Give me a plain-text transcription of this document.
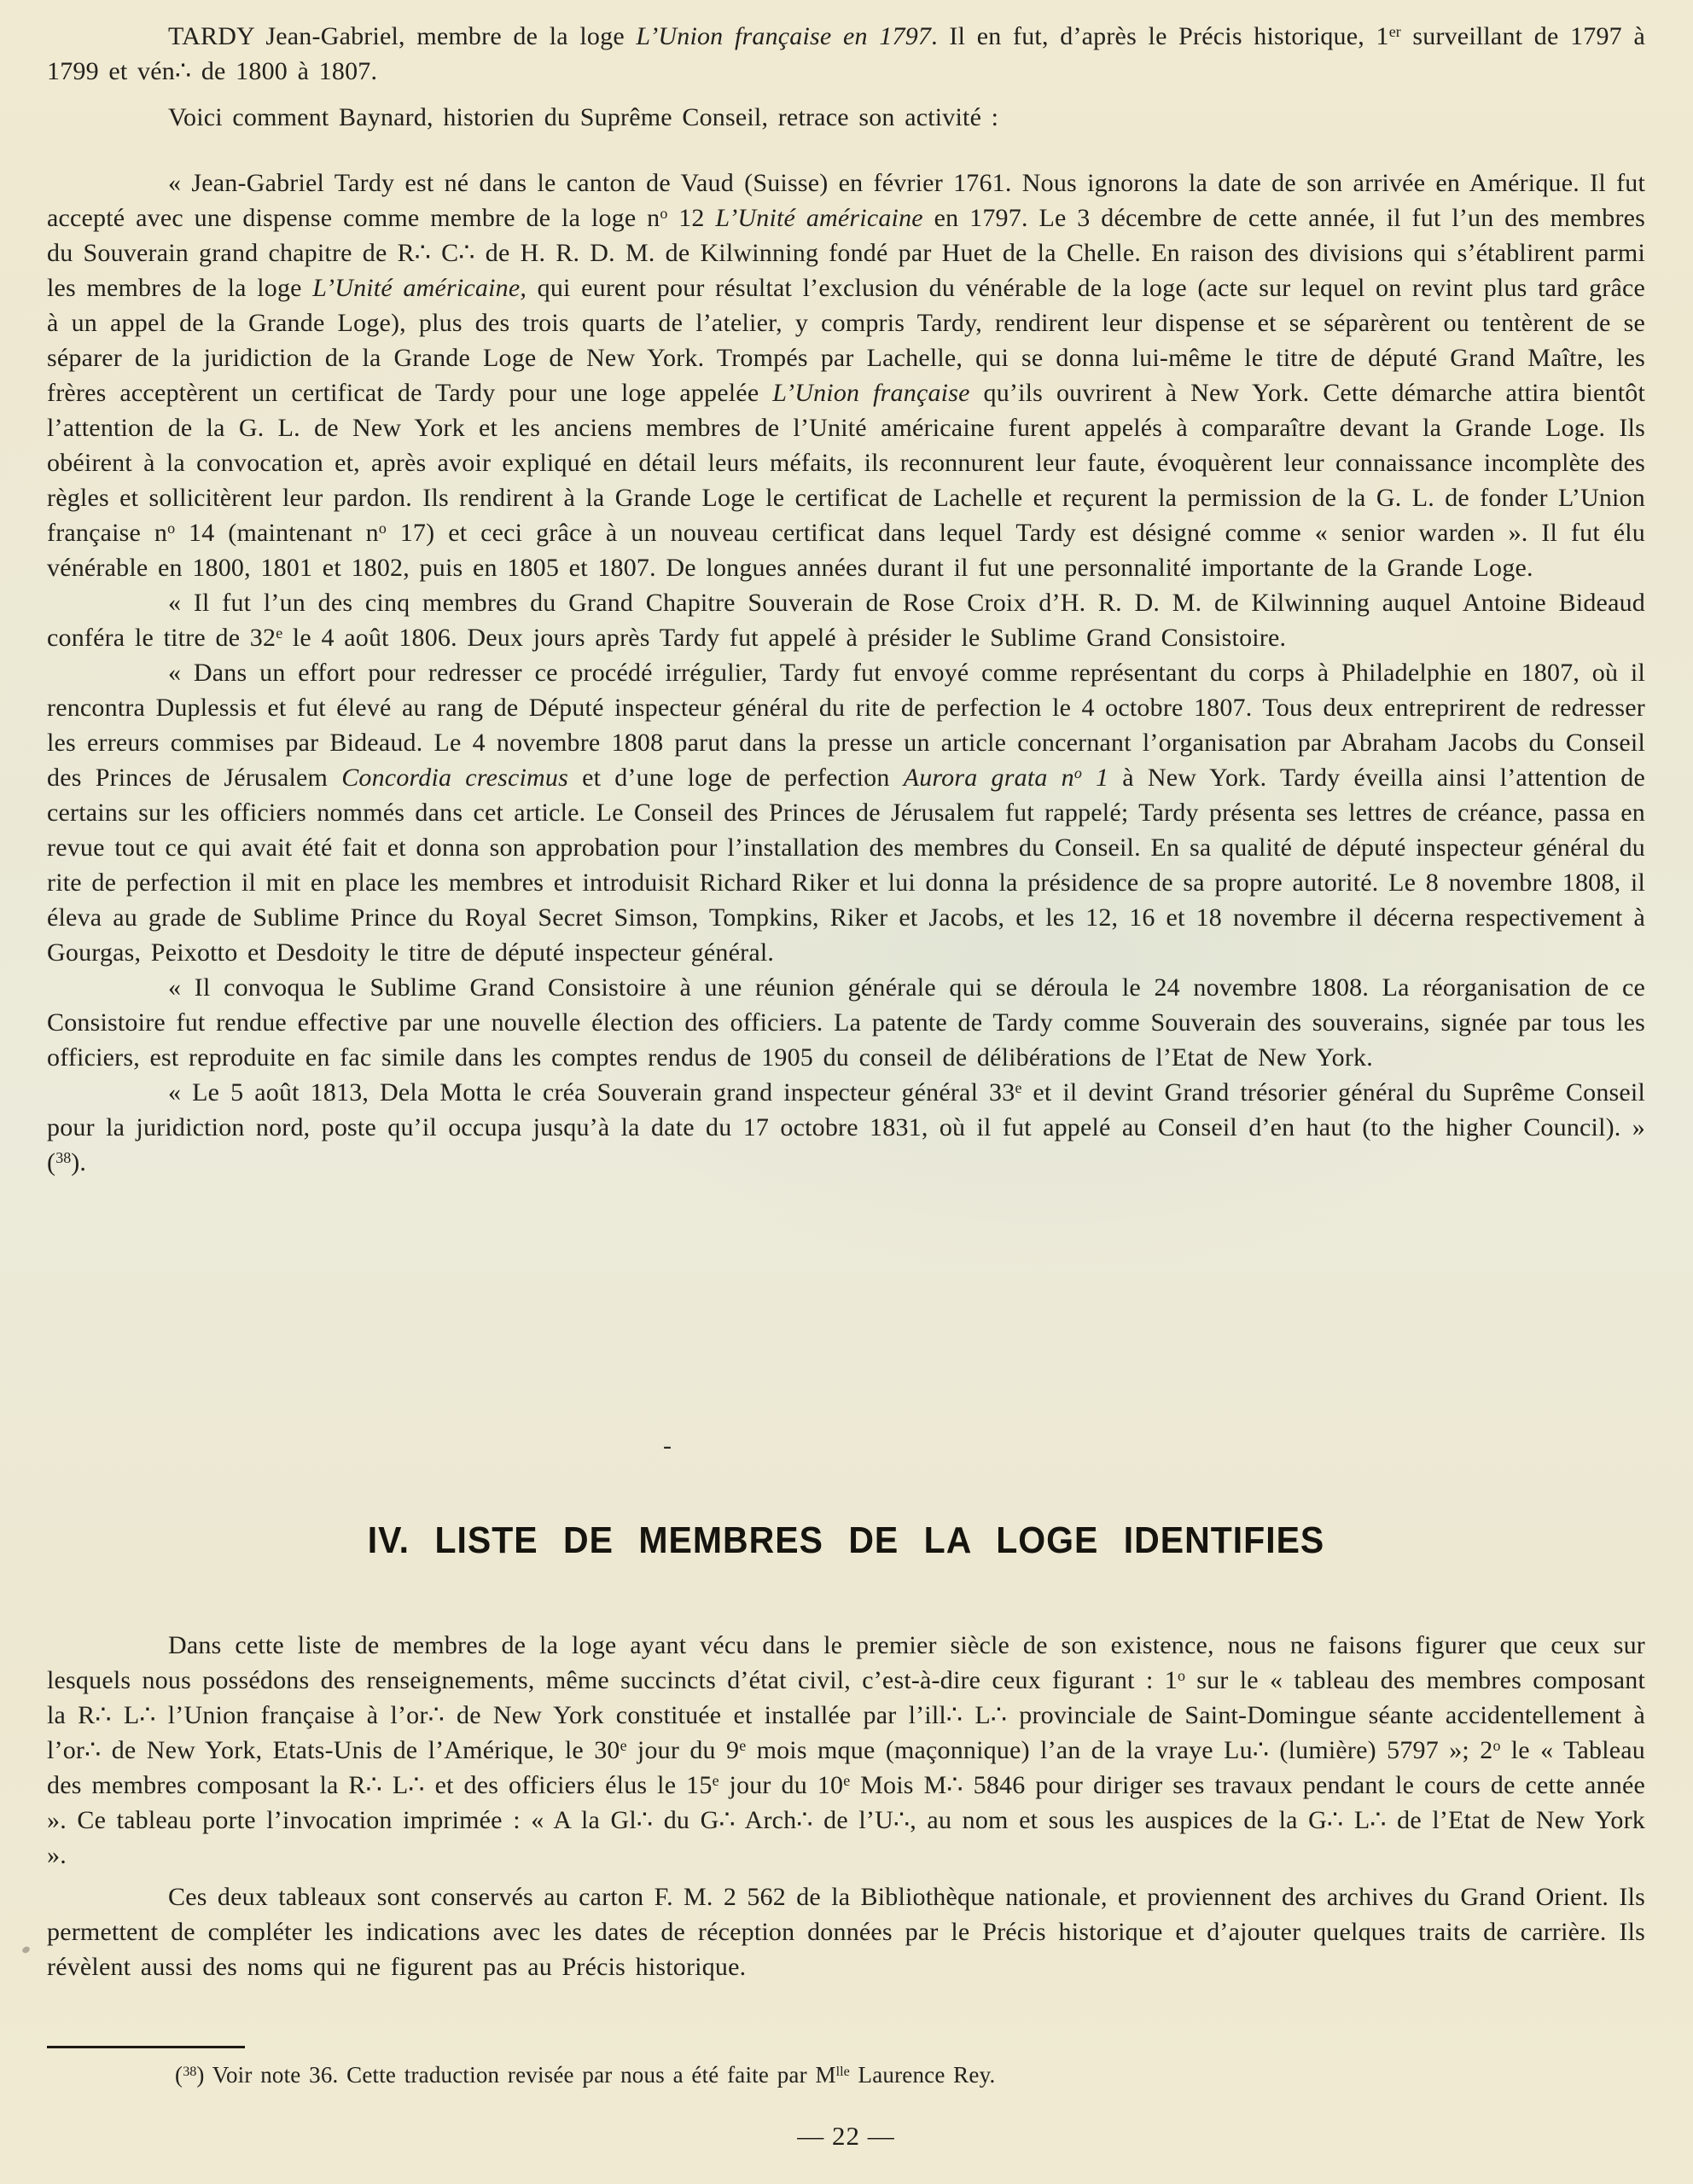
TARDY Jean-Gabriel, membre de la loge L’Union française en 1797. Il en fut, d’après le Précis historique, 1er surveillant de 1797 à 1799 et vén∴ de 1800 à 1807.

Voici comment Baynard, historien du Suprême Conseil, retrace son activité :

« Jean-Gabriel Tardy est né dans le canton de Vaud (Suisse) en février 1761. Nous ignorons la date de son arrivée en Amérique. Il fut accepté avec une dispense comme membre de la loge $n^o$ 12 L’Unité américaine en 1797. Le 3 décembre de cette année, il fut l’un des membres du Souverain grand chapitre de R∴ C∴ de H. R. D. M. de Kilwinning fondé par Huet de la Chelle. En raison des divisions qui s’établirent parmi les membres de la loge L’Unité américaine, qui eurent pour résultat l’exclusion du vénérable de la loge (acte sur lequel on revint plus tard grâce à un appel de la Grande Loge), plus des trois quarts de l’atelier, y compris Tardy, rendirent leur dispense et se séparèrent ou tentèrent de se séparer de la juridiction de la Grande Loge de New York. Trompés par Lachelle, qui se donna lui-même le titre de député Grand Maître, les frères acceptèrent un certificat de Tardy pour une loge appelée L’Union française qu’ils ouvrirent à New York. Cette démarche attira bientôt l’attention de la G. L. de New York et les anciens membres de l’Unité américaine furent appelés à comparaître devant la Grande Loge. Ils obéirent à la convocation et, après avoir expliqué en détail leurs méfaits, ils reconnurent leur faute, évoquèrent leur connaissance incomplète des règles et sollicitèrent leur pardon. Ils rendirent à la Grande Loge le certificat de Lachelle et reçurent la permission de la G. L. de fonder L’Union française $n^o$ 14 (maintenant $n^o$ 17) et ceci grâce à un nouveau certificat dans lequel Tardy est désigné comme « senior warden ». Il fut élu vénérable en 1800, 1801 et 1802, puis en 1805 et 1807. De longues années durant il fut une personnalité importante de la Grande Loge.

« Il fut l’un des cinq membres du Grand Chapitre Souverain de Rose Croix d’H. R. D. M. de Kilwinning auquel Antoine Bideaud conféra le titre de 32e le 4 août 1806. Deux jours après Tardy fut appelé à présider le Sublime Grand Consistoire.

« Dans un effort pour redresser ce procédé irrégulier, Tardy fut envoyé comme représentant du corps à Philadelphie en 1807, où il rencontra Duplessis et fut élevé au rang de Député inspecteur général du rite de perfection le 4 octobre 1807. Tous deux entreprirent de redresser les erreurs commises par Bideaud. Le 4 novembre 1808 parut dans la presse un article concernant l’organisation par Abraham Jacobs du Conseil des Princes de Jérusalem Concordia crescimus et d’une loge de perfection Aurora grata $n^o$ 1 à New York. Tardy éveilla ainsi l’attention de certains sur les officiers nommés dans cet article. Le Conseil des Princes de Jérusalem fut rappelé; Tardy présenta ses lettres de créance, passa en revue tout ce qui avait été fait et donna son approbation pour l’installation des membres du Conseil. En sa qualité de député inspecteur général du rite de perfection il mit en place les membres et introduisit Richard Riker et lui donna la présidence de sa propre autorité. Le 8 novembre 1808, il éleva au grade de Sublime Prince du Royal Secret Simson, Tompkins, Riker et Jacobs, et les 12, 16 et 18 novembre il décerna respectivement à Gourgas, Peixotto et Desdoity le titre de député inspecteur général.

« Il convoqua le Sublime Grand Consistoire à une réunion générale qui se déroula le 24 novembre 1808. La réorganisation de ce Consistoire fut rendue effective par une nouvelle élection des officiers. La patente de Tardy comme Souverain des souverains, signée par tous les officiers, est reproduite en fac simile dans les comptes rendus de 1905 du conseil de délibérations de l’Etat de New York.

« Le 5 août 1813, Dela Motta le créa Souverain grand inspecteur général 33e et il devint Grand trésorier général du Suprême Conseil pour la juridiction nord, poste qu’il occupa jusqu’à la date du 17 octobre 1831, où il fut appelé au Conseil d’en haut (to the higher Council). » ($^{38}$).

-
IV. LISTE DE MEMBRES DE LA LOGE IDENTIFIES

Dans cette liste de membres de la loge ayant vécu dans le premier siècle de son existence, nous ne faisons figurer que ceux sur lesquels nous possédons des renseignements, même succincts d’état civil, c’est-à-dire ceux figurant : 1$^o$ sur le « tableau des membres composant la R∴ L∴ l’Union française à l’or∴ de New York constituée et installée par l’ill∴ L∴ provinciale de Saint-Domingue séante accidentellement à l’or∴ de New York, Etats-Unis de l’Amérique, le 30e jour du 9e mois mque (maçonnique) l’an de la vraye Lu∴ (lumière) 5797 »; 2$^o$ le « Tableau des membres composant la R∴ L∴ et des officiers élus le 15e jour du 10e Mois M∴ 5846 pour diriger ses travaux pendant le cours de cette année ». Ce tableau porte l’invocation imprimée : « A la Gl∴ du G∴ Arch∴ de l’U∴, au nom et sous les auspices de la G∴ L∴ de l’Etat de New York ».

Ces deux tableaux sont conservés au carton F. M. 2 562 de la Bibliothèque nationale, et proviennent des archives du Grand Orient. Ils permettent de compléter les indications avec les dates de réception données par le Précis historique et d’ajouter quelques traits de carrière. Ils révèlent aussi des noms qui ne figurent pas au Précis historique.

($^{38}$) Voir note 36. Cette traduction revisée par nous a été faite par $M^{lle}$ Laurence Rey.

— 22 —
